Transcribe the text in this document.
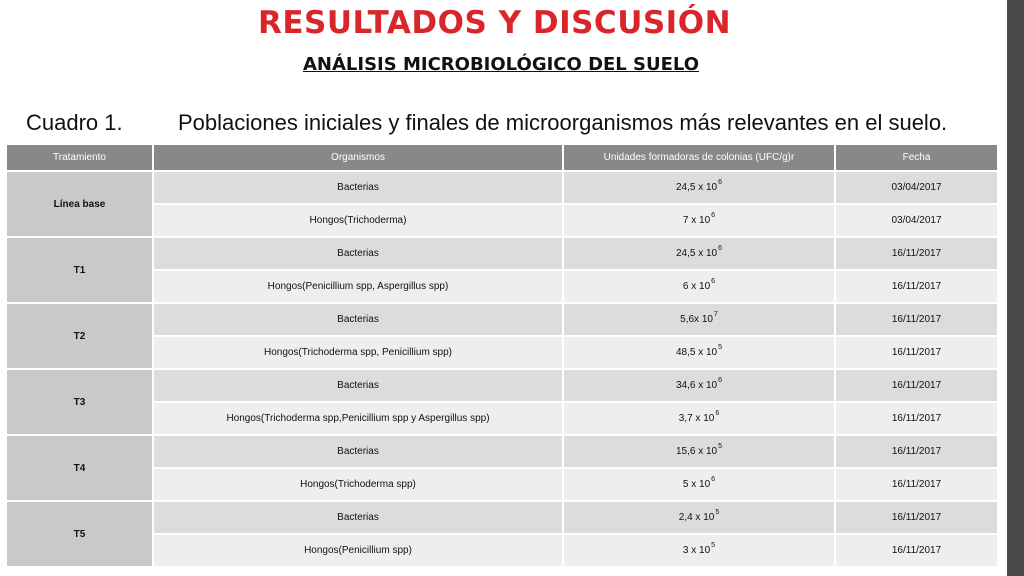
RESULTADOS Y DISCUSIÓN
ANÁLISIS MICROBIOLÓGICO DEL SUELO
Cuadro 1.	Poblaciones iniciales y finales de microorganismos más relevantes en el suelo.
Tratamiento	Organismos	Unidades formadoras de colonias (UFC/g)r	Fecha
Línea base	Bacterias	24,5 x $10^6$	03/04/2017
	Hongos(Trichoderma)	7 x $10^6$	03/04/2017
T1	Bacterias	24,5 x $10^6$	16/11/2017
	Hongos(Penicillium spp, Aspergillus spp)	6 x $10^6$	16/11/2017
T2	Bacterias	5,6x $10^7$	16/11/2017
	Hongos(Trichoderma spp, Penicillium spp)	48,5 x $10^5$	16/11/2017
T3	Bacterias	34,6 x $10^6$	16/11/2017
	Hongos(Trichoderma spp,Penicillium spp y Aspergillus spp)	3,7 x $10^6$	16/11/2017
T4	Bacterias	15,6 x $10^5$	16/11/2017
	Hongos(Trichoderma spp)	5 x $10^6$	16/11/2017
T5	Bacterias	2,4 x $10^5$	16/11/2017
	Hongos(Penicillium spp)	3 x $10^5$	16/11/2017
